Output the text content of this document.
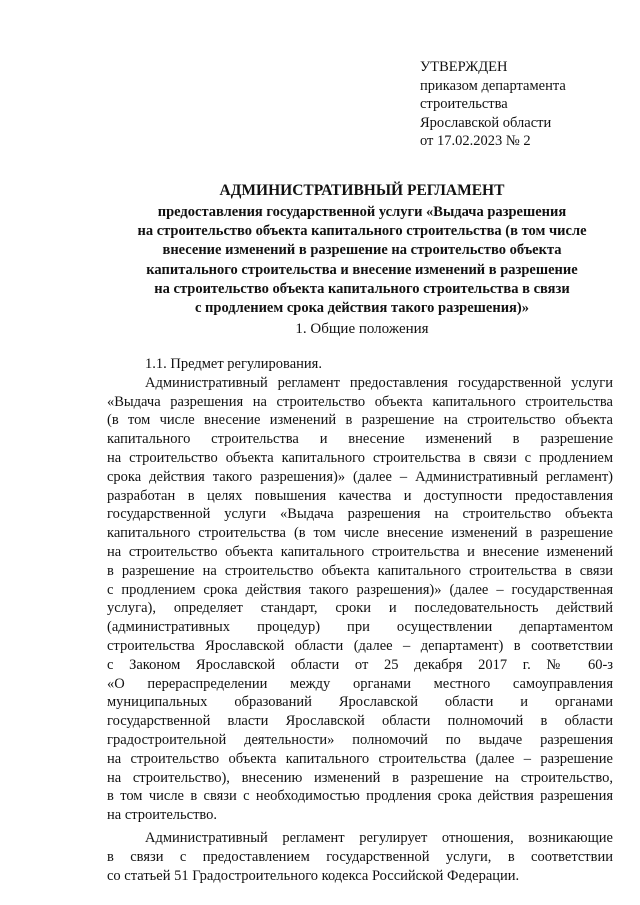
УТВЕРЖДЕН
приказом департамента
строительства
Ярославской области
от 17.02.2023 № 2
АДМИНИСТРАТИВНЫЙ РЕГЛАМЕНТ
предоставления государственной услуги «Выдача разрешения
на строительство объекта капитального строительства (в том числе
внесение изменений в разрешение на строительство объекта
капитального строительства и внесение изменений в разрешение
на строительство объекта капитального строительства в связи
с продлением срока действия такого разрешения)»
1. Общие положения
1.1. Предмет регулирования.
Административный регламент предоставления государственной услуги
«Выдача разрешения на строительство объекта капитального строительства
(в том числе внесение изменений в разрешение на строительство объекта
капитального строительства и внесение изменений в разрешение
на строительство объекта капитального строительства в связи с продлением
срока действия такого разрешения)» (далее – Административный регламент)
разработан в целях повышения качества и доступности предоставления
государственной услуги «Выдача разрешения на строительство объекта
капитального строительства (в том числе внесение изменений в разрешение
на строительство объекта капитального строительства и внесение изменений
в разрешение на строительство объекта капитального строительства в связи
с продлением срока действия такого разрешения)» (далее – государственная
услуга), определяет стандарт, сроки и последовательность действий
(административных процедур) при осуществлении департаментом
строительства Ярославской области (далее – департамент) в соответствии
с Законом Ярославской области от 25 декабря 2017 г. № 60-з
«О перераспределении между органами местного самоуправления
муниципальных образований Ярославской области и органами
государственной власти Ярославской области полномочий в области
градостроительной деятельности» полномочий по выдаче разрешения
на строительство объекта капитального строительства (далее – разрешение
на строительство), внесению изменений в разрешение на строительство,
в том числе в связи с необходимостью продления срока действия разрешения
на строительство.
Административный регламент регулирует отношения, возникающие
в связи с предоставлением государственной услуги, в соответствии
со статьей 51 Градостроительного кодекса Российской Федерации.
